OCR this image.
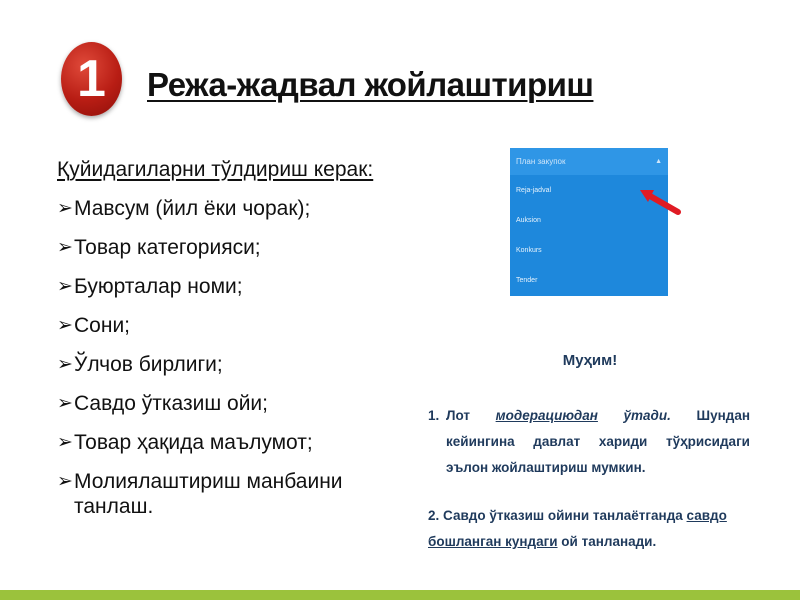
1 Режа-жадвал жойлаштириш

Қуйидагиларни тўлдириш керак:

➢ Мавсум (йил ёки чорак);
➢ Товар категорияси;
➢ Буюрталар номи;
➢ Сони;
➢ Ўлчов бирлиги;
➢ Савдо ўтказиш ойи;
➢ Товар ҳақида маълумот;
➢ Молиялаштириш манбаини танлаш.
План закупок	▲
Reja-jadval
Auksion
Konkurs
Tender

Муҳим!

1. Лот модерациюдан ўтади. Шундан кейингина давлат хариди тўҳрисидаги эълон жойлаштириш мумкин.
2. Савдо ўтказиш ойини танлаётганда савдо бошланган кундаги ой танланади.
